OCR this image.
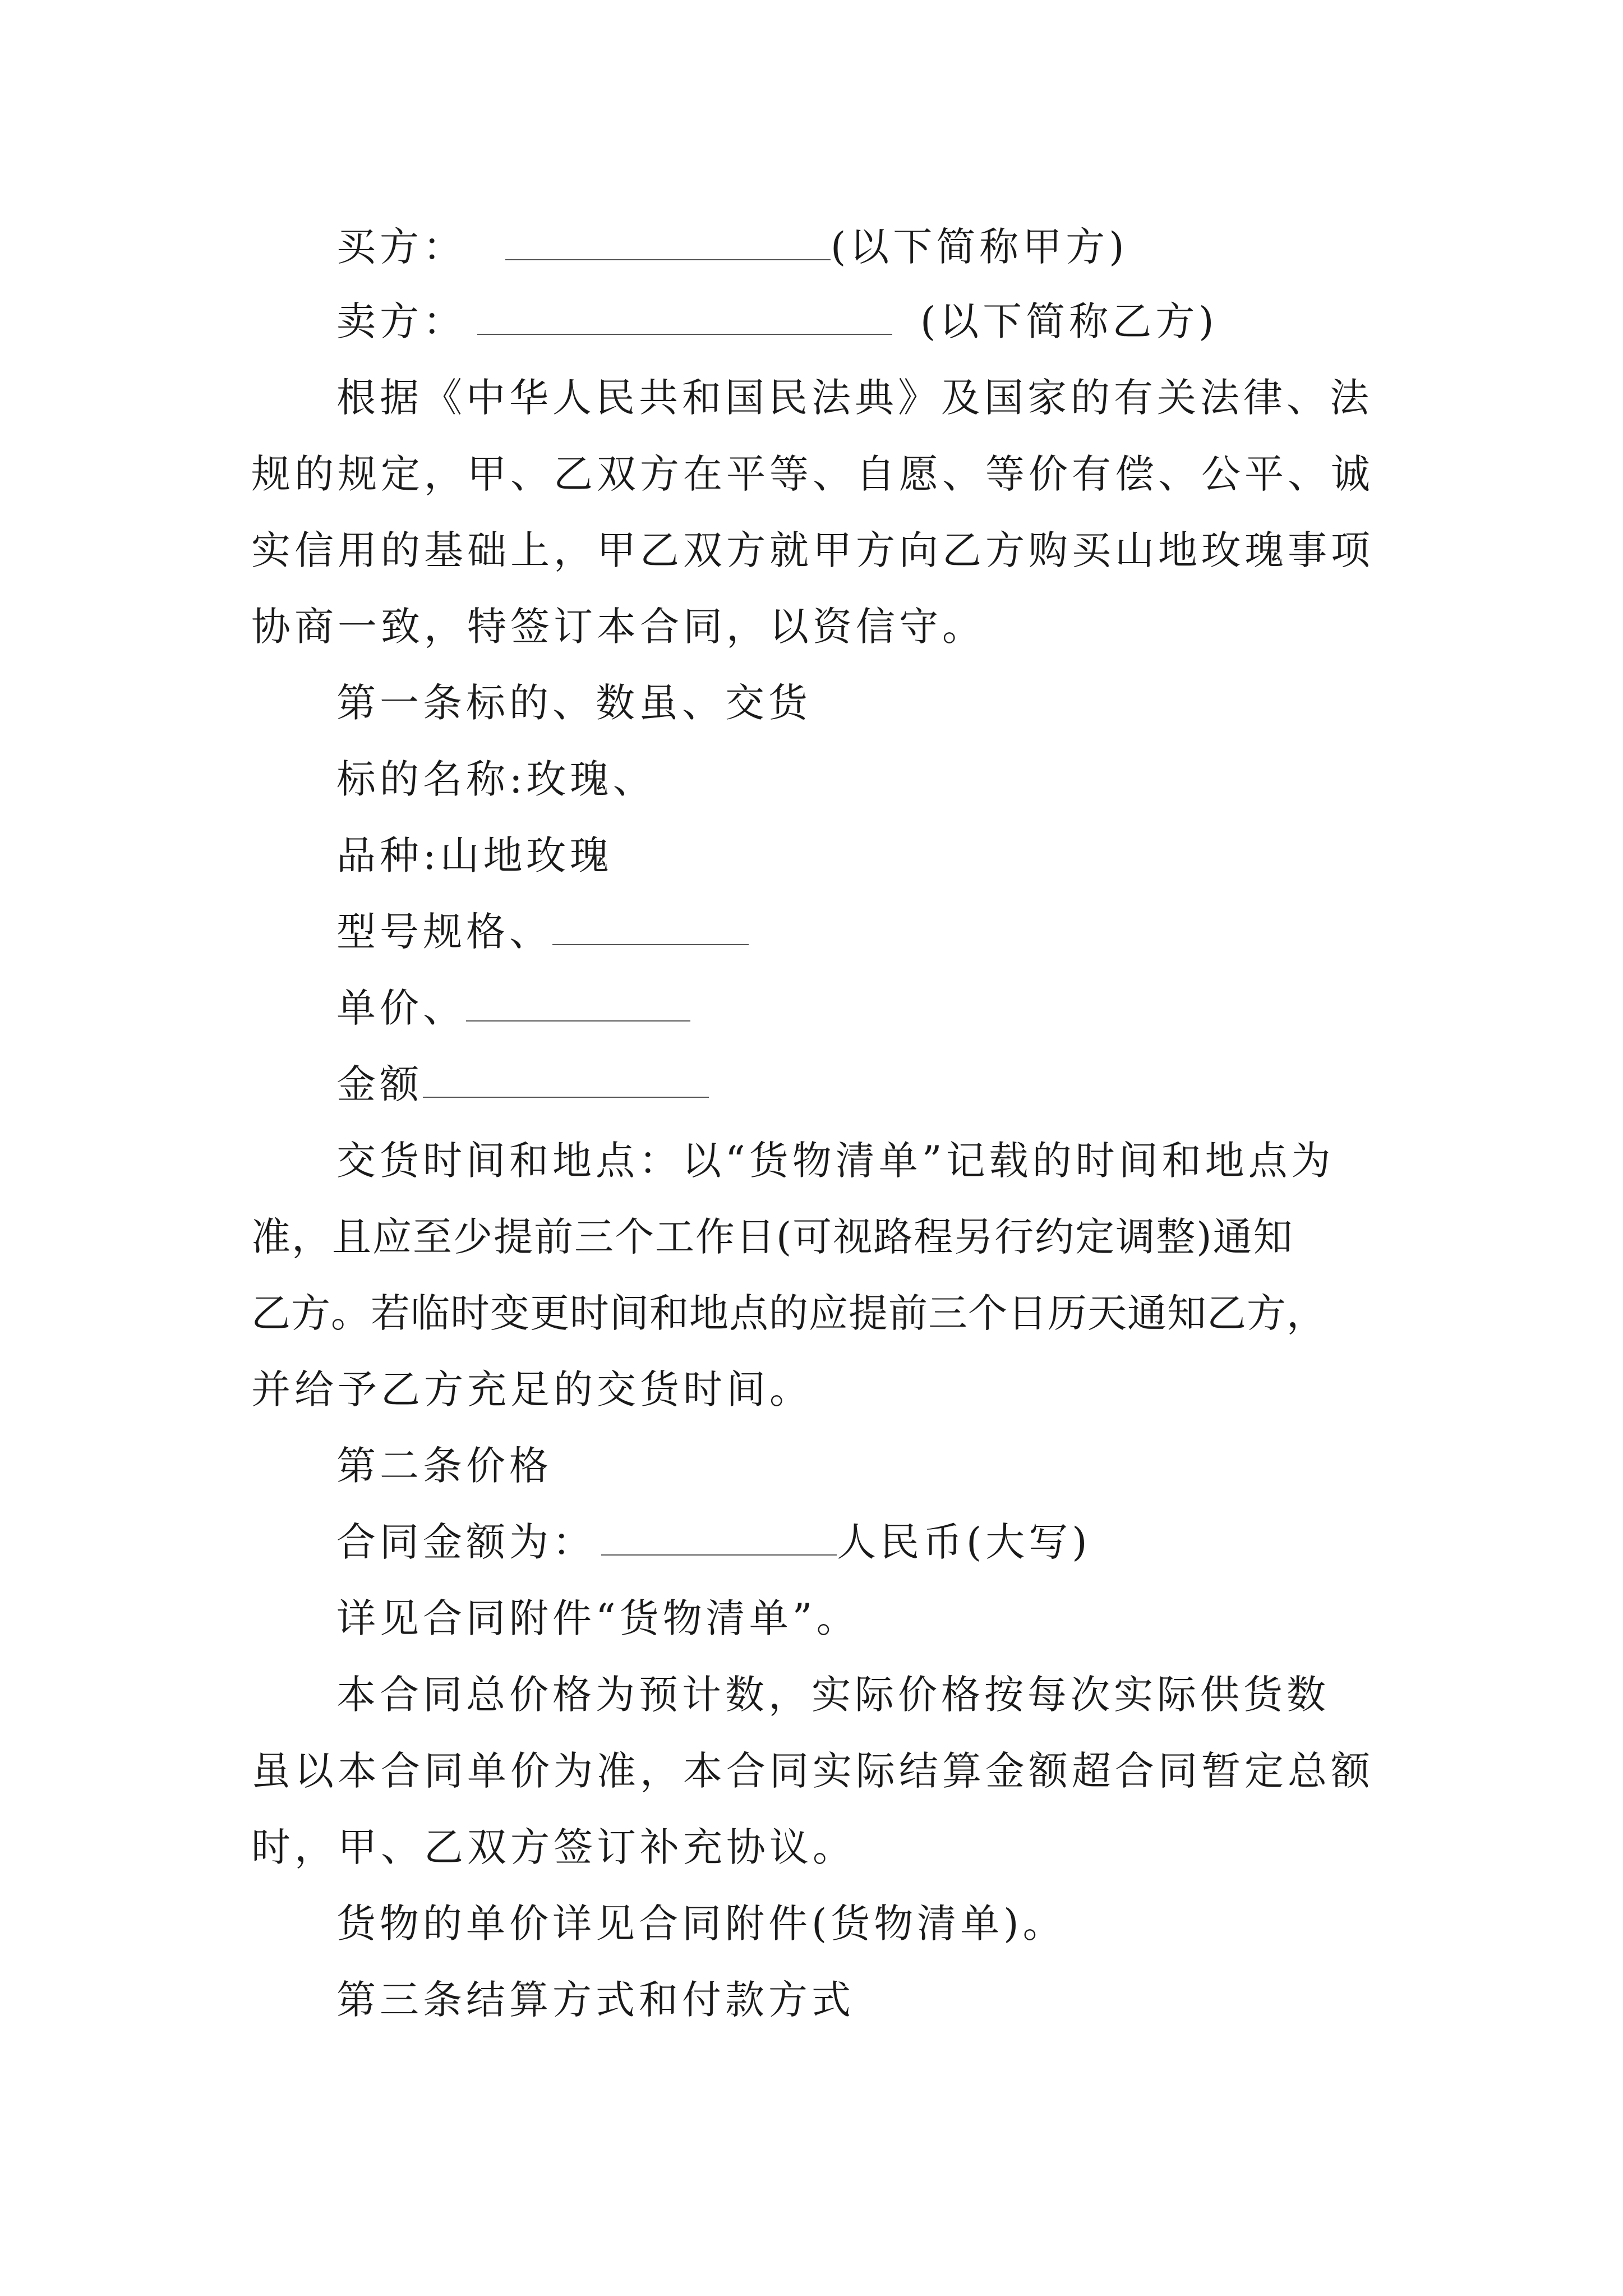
买方：	(以下简称甲方)
卖方：	(以下简称乙方)
根据《中华人民共和国民法典》及国家的有关法律、法
规的规定，甲、乙双方在平等、自愿、等价有偿、公平、诚
实信用的基础上，甲乙双方就甲方向乙方购买山地玫瑰事项
协商一致，特签订本合同，以资信守。
第一条标的、数虽、交货
标的名称:玫瑰、
品种:山地玫瑰
型号规格、
单价、
金额
交货时间和地点：以“货物清单”记载的时间和地点为
准，且应至少提前三个工作日(可视路程另行约定调整)通知
乙方。若临时变更时间和地点的应提前三个日历天通知乙方，
并给予乙方充足的交货时间。
第二条价格
合同金额为：	人民币(大写)
详见合同附件“货物清单”。
本合同总价格为预计数，实际价格按每次实际供货数
虽以本合同单价为准，本合同实际结算金额超合同暂定总额
时，甲、乙双方签订补充协议。
货物的单价详见合同附件(货物清单)。
第三条结算方式和付款方式
